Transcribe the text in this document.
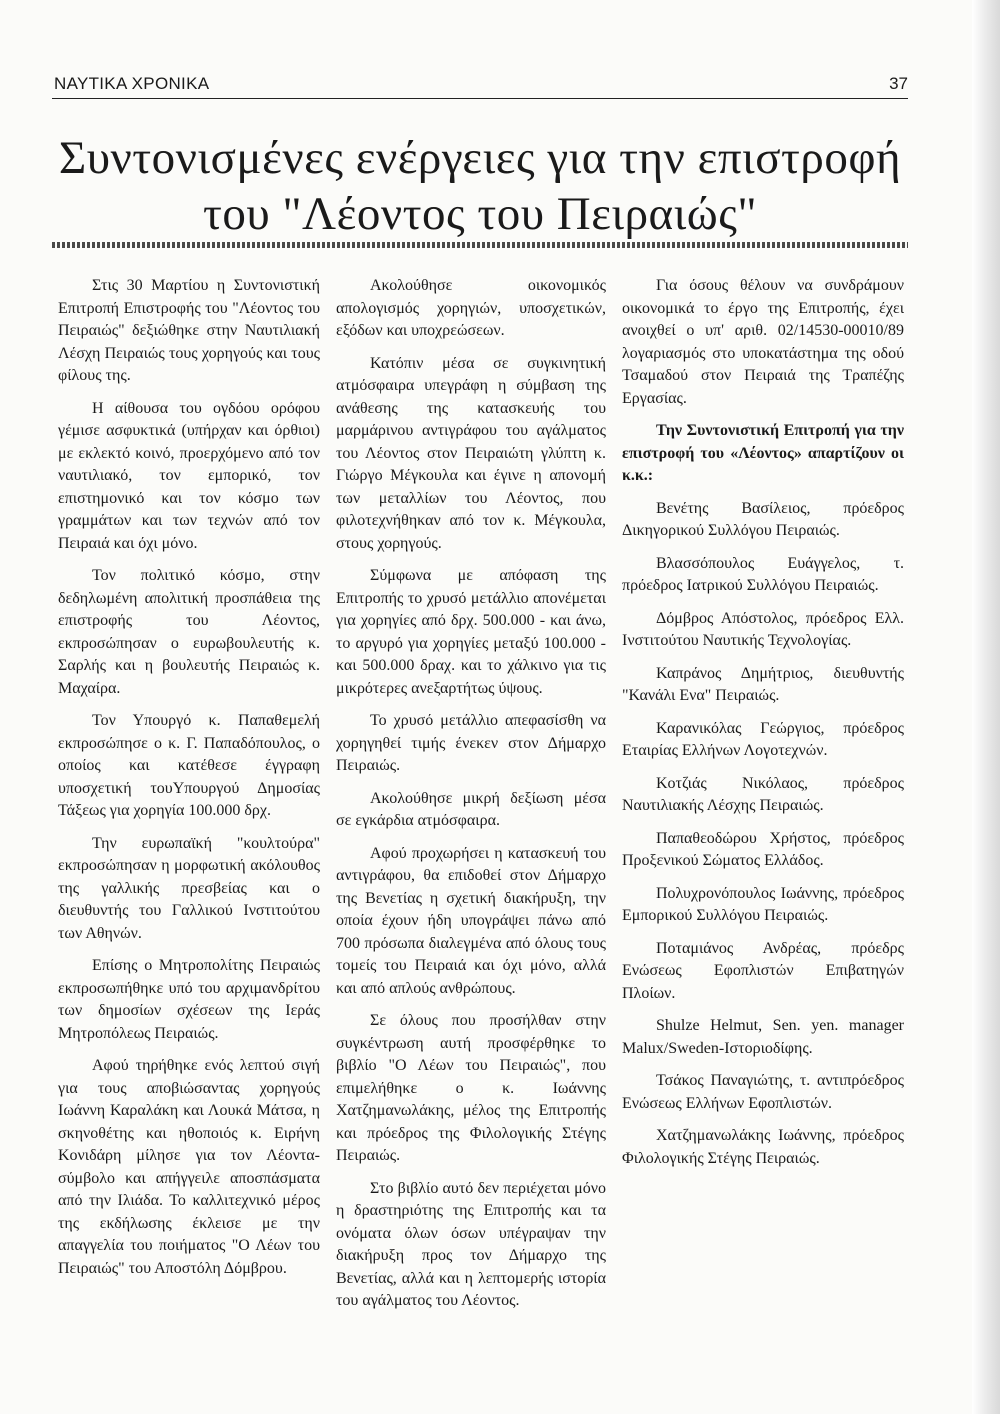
ΝΑΥΤΙΚΑ ΧΡΟΝΙΚΑ	37
Συντονισμένες ενέργειες για την επιστροφή
του "Λέοντος του Πειραιώς"

Στις 30 Μαρτίου η Συντονιστική Επιτροπή Επιστροφής του "Λέοντος του Πειραιώς" δεξιώθηκε στην Ναυτιλιακή Λέσχη Πειραιώς τους χορηγούς και τους φίλους της.

Η αίθουσα του ογδόου ορόφου γέμισε ασφυκτικά (υπήρχαν και όρθιοι) με εκλεκτό κοινό, προερχόμενο από τον ναυτιλιακό, τον εμπορικό, τον επιστημονικό και τον κόσμο των γραμμάτων και των τεχνών από τον Πειραιά και όχι μόνο.

Τον πολιτικό κόσμο, στην δεδηλωμένη απολιτική προσπάθεια της επιστροφής του Λέοντος, εκπροσώπησαν ο ευρωβουλευτής κ. Σαρλής και η βουλευτής Πειραιώς κ. Μαχαίρα.

Τον Υπουργό κ. Παπαθεμελή εκπροσώπησε ο κ. Γ. Παπαδόπουλος, ο οποίος και κατέθεσε έγγραφη υποσχετική τουΥπουργού Δημοσίας Τάξεως για χορηγία 100.000 δρχ.

Την ευρωπαϊκή "κουλτούρα" εκπροσώπησαν η μορφωτική ακόλουθος της γαλλικής πρεσβείας και ο διευθυντής του Γαλλικού Ινστιτούτου των Αθηνών.

Επίσης ο Μητροπολίτης Πειραιώς εκπροσωπήθηκε υπό του αρχιμανδρίτου των δημοσίων σχέσεων της Ιεράς Μητροπόλεως Πειραιώς.

Αφού τηρήθηκε ενός λεπτού σιγή για τους αποβιώσαντας χορηγούς Ιωάννη Καραλάκη και Λουκά Μάτσα, η σκηνοθέτης και ηθοποιός κ. Ειρήνη Κονιδάρη μίλησε για τον Λέοντα-σύμβολο και απήγγειλε αποσπάσματα από την Ιλιάδα. Το καλλιτεχνικό μέρος της εκδήλωσης έκλεισε με την απαγγελία του ποιήματος "Ο Λέων του Πειραιώς" του Αποστόλη Δόμβρου.

Ακολούθησε οικονομικός απολογισμός χορηγιών, υποσχετικών, εξόδων και υποχρεώσεων.

Κατόπιν μέσα σε συγκινητική ατμόσφαιρα υπεγράφη η σύμβαση της ανάθεσης της κατασκευής του μαρμάρινου αντιγράφου του αγάλματος του Λέοντος στον Πειραιώτη γλύπτη κ. Γιώργο Μέγκουλα και έγινε η απονομή των μεταλλίων του Λέοντος, που φιλοτεχνήθηκαν από τον κ. Μέγκουλα, στους χορηγούς.

Σύμφωνα με απόφαση της Επιτροπής το χρυσό μετάλλιο απονέμεται για χορηγίες από δρχ. 500.000 - και άνω, το αργυρό για χορηγίες μεταξύ 100.000 - και 500.000 δραχ. και το χάλκινο για τις μικρότερες ανεξαρτήτως ύψους.

Το χρυσό μετάλλιο απεφασίσθη να χορηγηθεί τιμής ένεκεν στον Δήμαρχο Πειραιώς.

Ακολούθησε μικρή δεξίωση μέσα σε εγκάρδια ατμόσφαιρα.

Αφού προχωρήσει η κατασκευή του αντιγράφου, θα επιδοθεί στον Δήμαρχο της Βενετίας η σχετική διακήρυξη, την οποία έχουν ήδη υπογράψει πάνω από 700 πρόσωπα διαλεγμένα από όλους τους τομείς του Πειραιά και όχι μόνο, αλλά και από απλούς ανθρώπους.

Σε όλους που προσήλθαν στην συγκέντρωση αυτή προσφέρθηκε το βιβλίο "Ο Λέων του Πειραιώς", που επιμελήθηκε ο κ. Ιωάννης Χατζημανωλάκης, μέλος της Επιτροπής και πρόεδρος της Φιλολογικής Στέγης Πειραιώς.

Στο βιβλίο αυτό δεν περιέχεται μόνο η δραστηριότης της Επιτροπής και τα ονόματα όλων όσων υπέγραψαν την διακήρυξη προς τον Δήμαρχο της Βενετίας, αλλά και η λεπτομερής ιστορία του αγάλματος του Λέοντος.

Για όσους θέλουν να συνδράμουν οικονομικά το έργο της Επιτροπής, έχει ανοιχθεί ο υπ' αριθ. 02/14530-00010/89 λογαριασμός στο υποκατάστημα της οδού Τσαμαδού στον Πειραιά της Τραπέζης Εργασίας.

Την Συντονιστική Επιτροπή για την επιστροφή του «Λέοντος» απαρτίζουν οι κ.κ.:

Βενέτης Βασίλειος, πρόεδρος Δικηγορικού Συλλόγου Πειραιώς.

Βλασσόπουλος Ευάγγελος, τ. πρόεδρος Ιατρικού Συλλόγου Πειραιώς.

Δόμβρος Απόστολος, πρόεδρος Ελλ. Ινστιτούτου Ναυτικής Τεχνολογίας.

Καπράνος Δημήτριος, διευθυντής "Κανάλι Ενα" Πειραιώς.

Καρανικόλας Γεώργιος, πρόεδρος Εταιρίας Ελλήνων Λογοτεχνών.

Κοτζιάς Νικόλαος, πρόεδρος Ναυτιλιακής Λέσχης Πειραιώς.

Παπαθεοδώρου Χρήστος, πρόεδρος Προξενικού Σώματος Ελλάδος.

Πολυχρονόπουλος Ιωάννης, πρόεδρος Εμπορικού Συλλόγου Πειραιώς.

Ποταμιάνος Ανδρέας, πρόεδρς Ενώσεως Εφοπλιστών Επιβατηγών Πλοίων.

Shulze Helmut, Sen. yen. manager Malux/Sweden-Ιστοριοδίφης.

Τσάκος Παναγιώτης, τ. αντιπρόεδρος Ενώσεως Ελλήνων Εφοπλιστών.

Χατζημανωλάκης Ιωάννης, πρόεδρος Φιλολογικής Στέγης Πειραιώς.
